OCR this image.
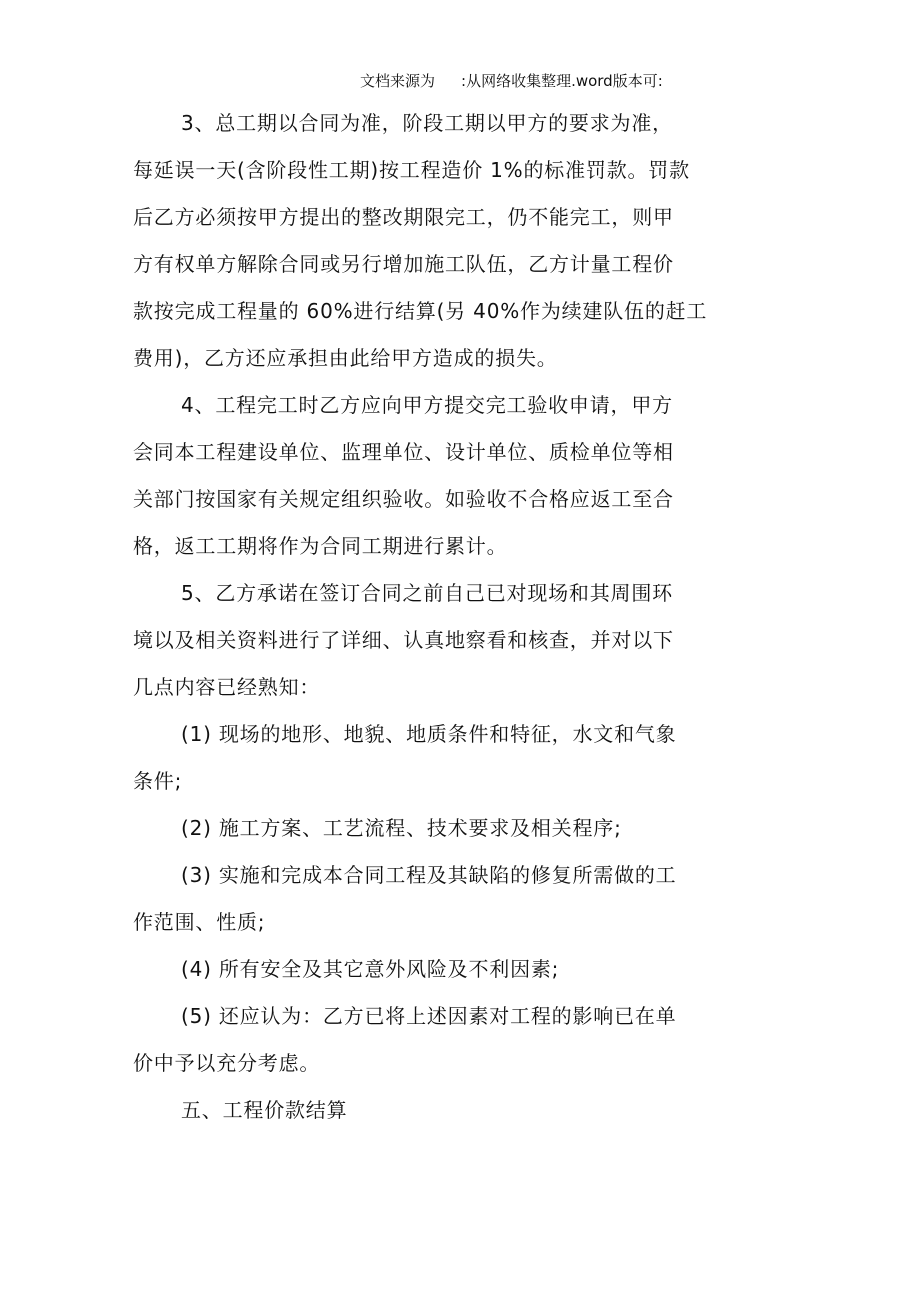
文档来源为 :从网络收集整理.word版本可:
3、总工期以合同为准，阶段工期以甲方的要求为准，
每延误一天(含阶段性工期)按工程造价 1%的标准罚款。罚款
后乙方必须按甲方提出的整改期限完工，仍不能完工，则甲
方有权单方解除合同或另行增加施工队伍，乙方计量工程价
款按完成工程量的 60%进行结算(另 40%作为续建队伍的赶工
费用)，乙方还应承担由此给甲方造成的损失。
4、工程完工时乙方应向甲方提交完工验收申请，甲方
会同本工程建设单位、监理单位、设计单位、质检单位等相
关部门按国家有关规定组织验收。如验收不合格应返工至合
格，返工工期将作为合同工期进行累计。
5、乙方承诺在签订合同之前自己已对现场和其周围环
境以及相关资料进行了详细、认真地察看和核查，并对以下
几点内容已经熟知：
(1) 现场的地形、地貌、地质条件和特征，水文和气象
条件;
(2) 施工方案、工艺流程、技术要求及相关程序;
(3) 实施和完成本合同工程及其缺陷的修复所需做的工
作范围、性质;
(4) 所有安全及其它意外风险及不利因素;
(5) 还应认为：乙方已将上述因素对工程的影响已在单
价中予以充分考虑。
五、工程价款结算
